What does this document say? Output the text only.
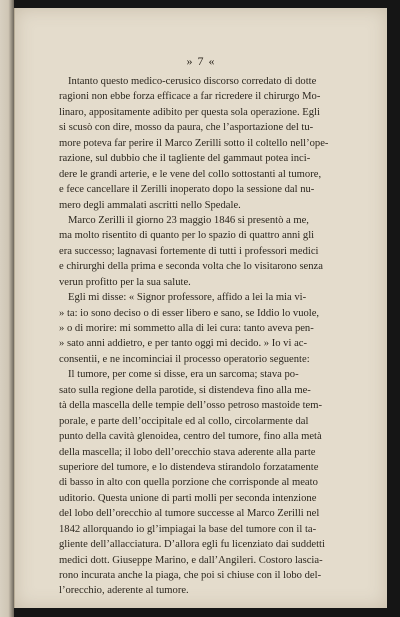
» 7 «
Intanto questo medico-cerusico discorso corredato di dotte
ragioni non ebbe forza efficace a far ricredere il chirurgo Mo-
linaro, appositamente adibito per questa sola operazione. Egli
si scusò con dire, mosso da paura, che l’asportazione del tu-
more poteva far perire il Marco Zerilli sotto il coltello nell’ope-
razione, sul dubbio che il tagliente del gammaut potea inci-
dere le grandi arterie, e le vene del collo sottostanti al tumore,
e fece cancellare il Zerilli inoperato dopo la sessione dal nu-
mero degli ammalati ascritti nello Spedale.
Marco Zerilli il giorno 23 maggio 1846 si presentò a me,
ma molto risentito di quanto per lo spazio di quattro anni gli
era successo; lagnavasi fortemente di tutti i professori medici
e chirurghi della prima e seconda volta che lo visitarono senza
verun profitto per la sua salute.
Egli mi disse: « Signor professore, affido a lei la mia vi-
» ta: io sono deciso o di esser libero e sano, se Iddio lo vuole,
» o di morire: mi sommetto alla di lei cura: tanto aveva pen-
» sato anni addietro, e per tanto oggi mi decido. » Io vi ac-
consentii, e ne incominciai il processo operatorio seguente:
Il tumore, per come si disse, era un sarcoma; stava po-
sato sulla regione della parotide, si distendeva fino alla me-
tà della mascella delle tempie dell’osso petroso mastoide tem-
porale, e parte dell’occipitale ed al collo, circolarmente dal
punto della cavità glenoidea, centro del tumore, fino alla metà
della mascella; il lobo dell’orecchio stava aderente alla parte
superiore del tumore, e lo distendeva stirandolo forzatamente
di basso in alto con quella porzione che corrisponde al meato
uditorio. Questa unione di parti molli per seconda intenzione
del lobo dell’orecchio al tumore successe al Marco Zerilli nel
1842 allorquando io gl’impiagai la base del tumore con il ta-
gliente dell’allacciatura. D’allora egli fu licenziato dai suddetti
medici dott. Giuseppe Marino, e dall’Angileri. Costoro lascia-
rono incurata anche la piaga, che poi si chiuse con il lobo del-
l’orecchio, aderente al tumore.
